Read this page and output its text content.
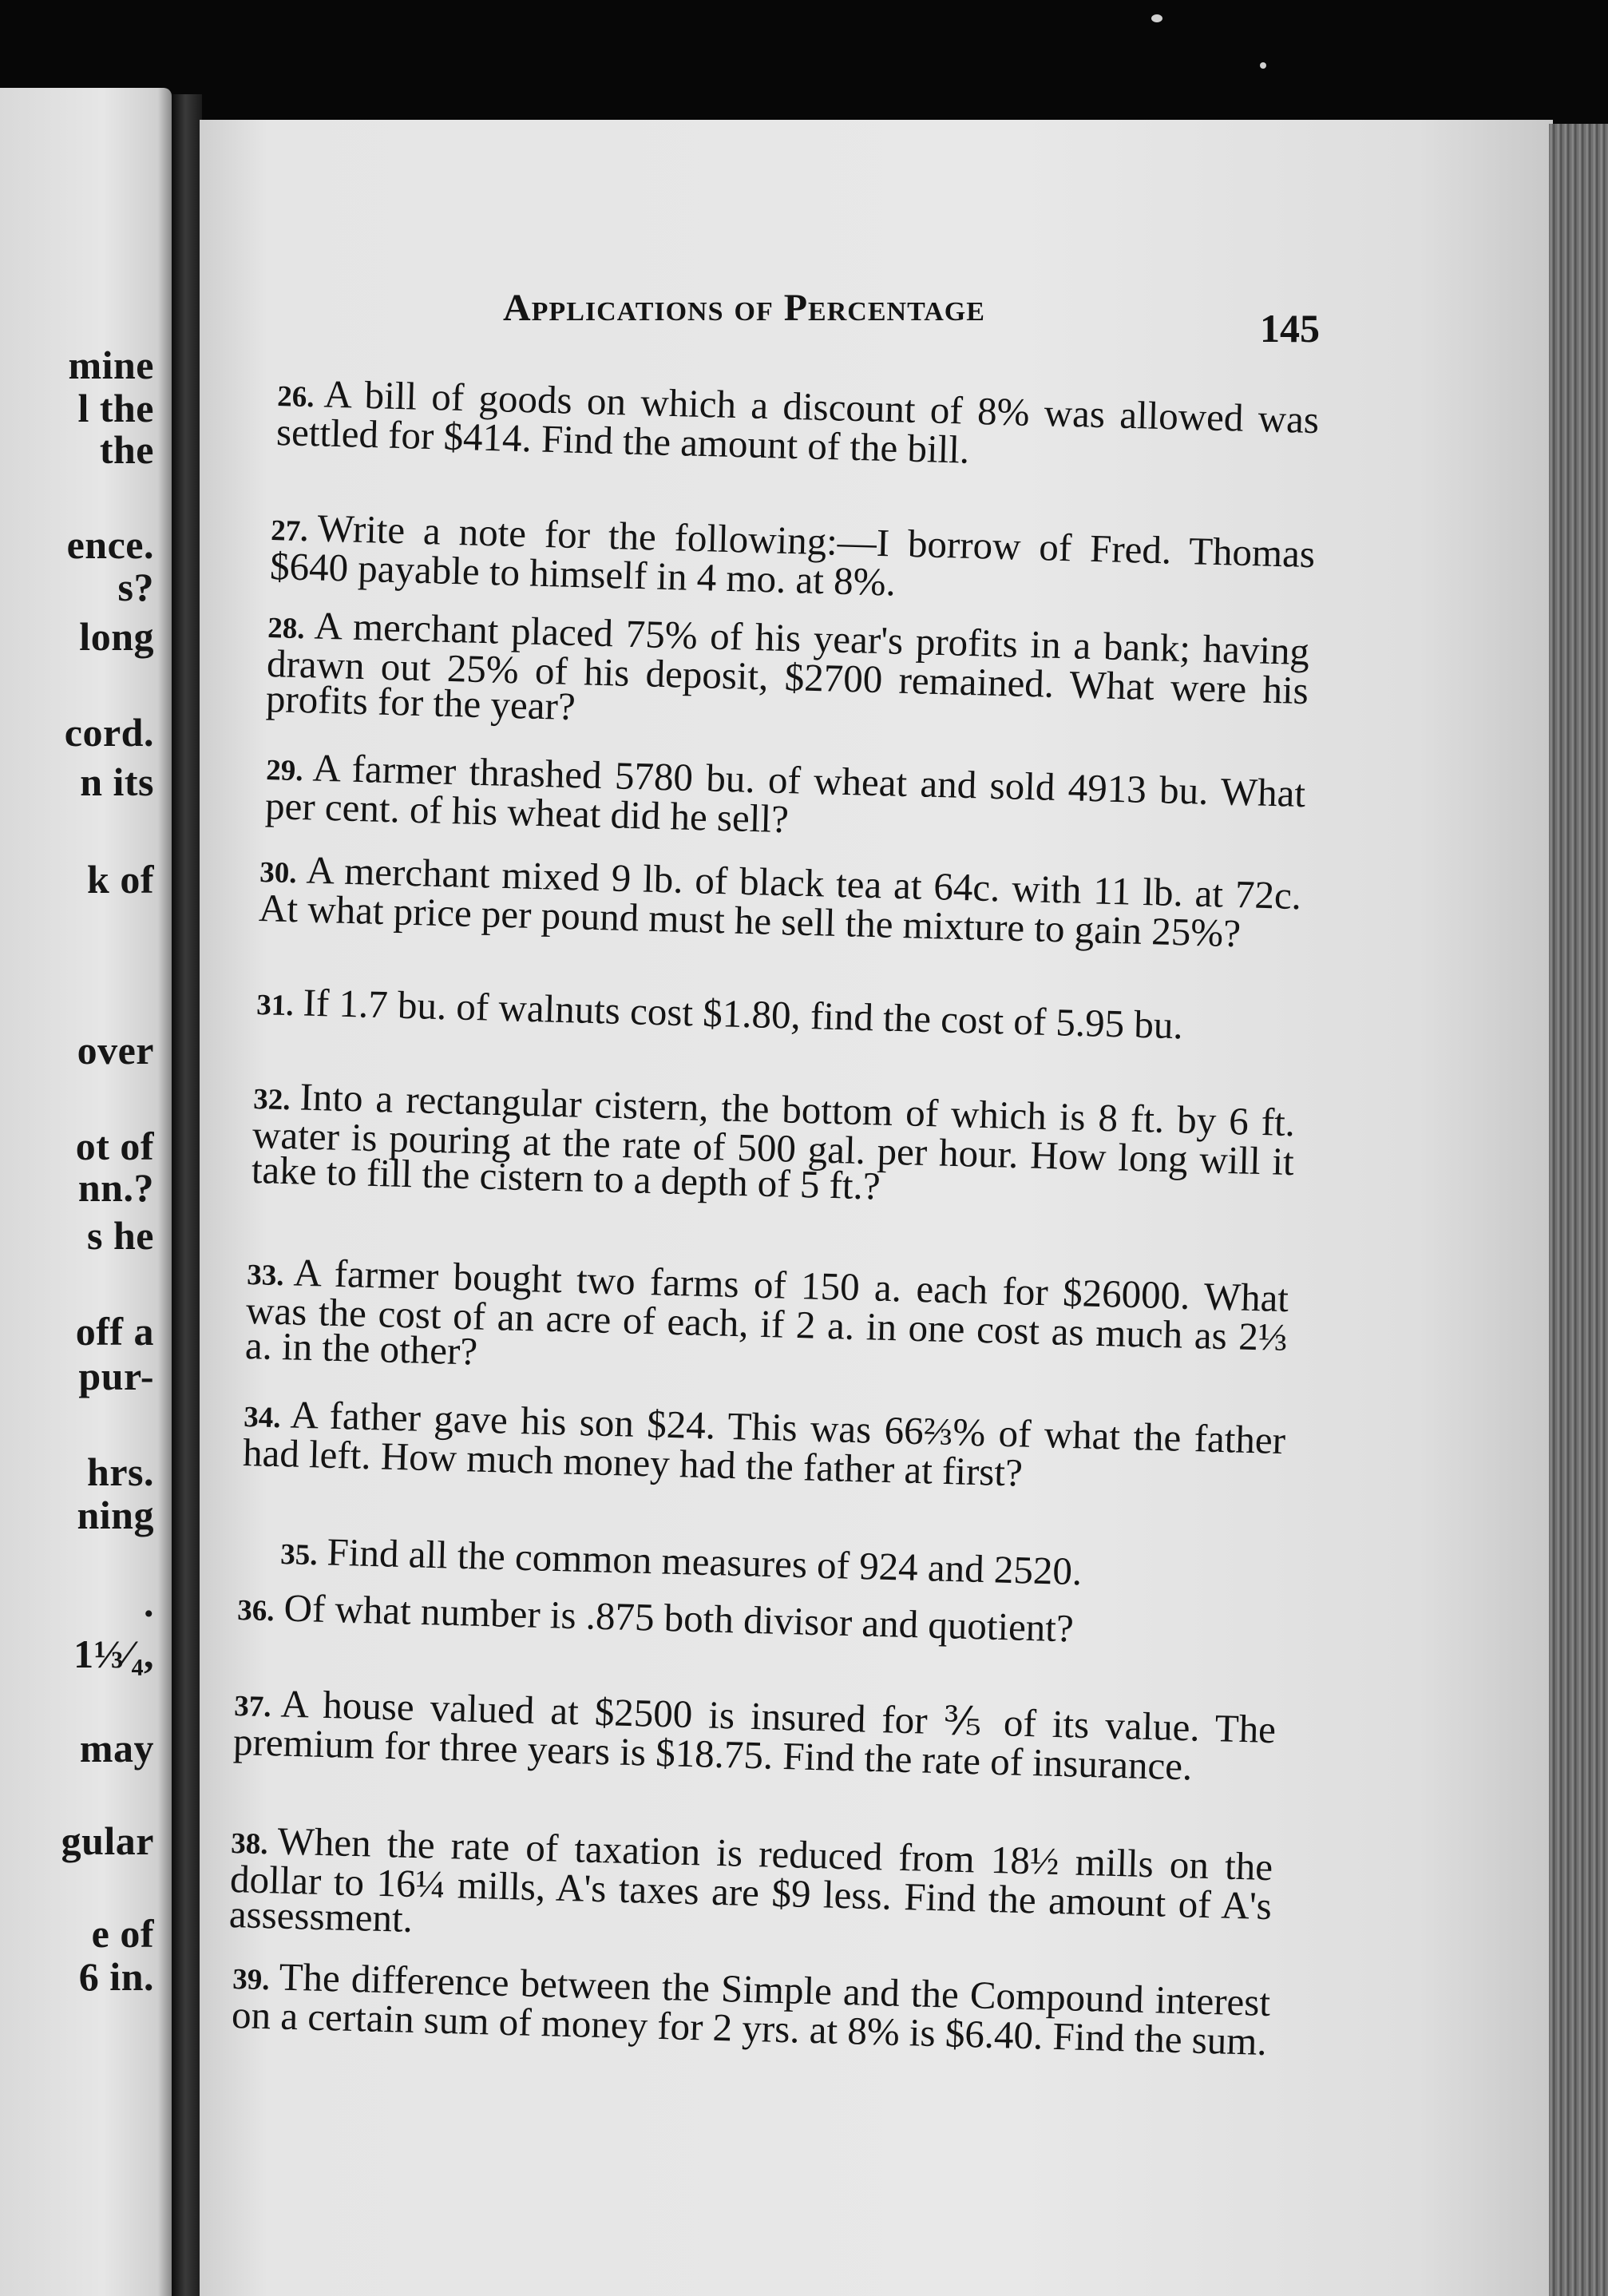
mine

l the

the

ence.

s?

long

cord.

n its

k of

over

ot of

nn.?

s he

off a

pur-

hrs.

ning

.

1⅓⁄₄,

may

gular

e of

6 in.

Applications of Percentage	145

26. A bill of goods on which a discount of 8% was allowed was settled for $414. Find the amount of the bill.
27. Write a note for the following:—I borrow of Fred. Thomas $640 payable to himself in 4 mo. at 8%.
28. A merchant placed 75% of his year's profits in a bank; having drawn out 25% of his deposit, $2700 remained. What were his profits for the year?
29. A farmer thrashed 5780 bu. of wheat and sold 4913 bu. What per cent. of his wheat did he sell?
30. A merchant mixed 9 lb. of black tea at 64c. with 11 lb. at 72c. At what price per pound must he sell the mixture to gain 25%?
31. If 1.7 bu. of walnuts cost $1.80, find the cost of 5.95 bu.
32. Into a rectangular cistern, the bottom of which is 8 ft. by 6 ft. water is pouring at the rate of 500 gal. per hour. How long will it take to fill the cistern to a depth of 5 ft.?
33. A farmer bought two farms of 150 a. each for $26000. What was the cost of an acre of each, if 2 a. in one cost as much as 2⅓ a. in the other?
34. A father gave his son $24. This was 66⅔% of what the father had left. How much money had the father at first?
35. Find all the common measures of 924 and 2520.
36. Of what number is .875 both divisor and quotient?
37. A house valued at $2500 is insured for ⅗ of its value. The premium for three years is $18.75. Find the rate of insurance.
38. When the rate of taxation is reduced from 18½ mills on the dollar to 16¼ mills, A's taxes are $9 less. Find the amount of A's assessment.
39. The difference between the Simple and the Compound interest on a certain sum of money for 2 yrs. at 8% is $6.40. Find the sum.
